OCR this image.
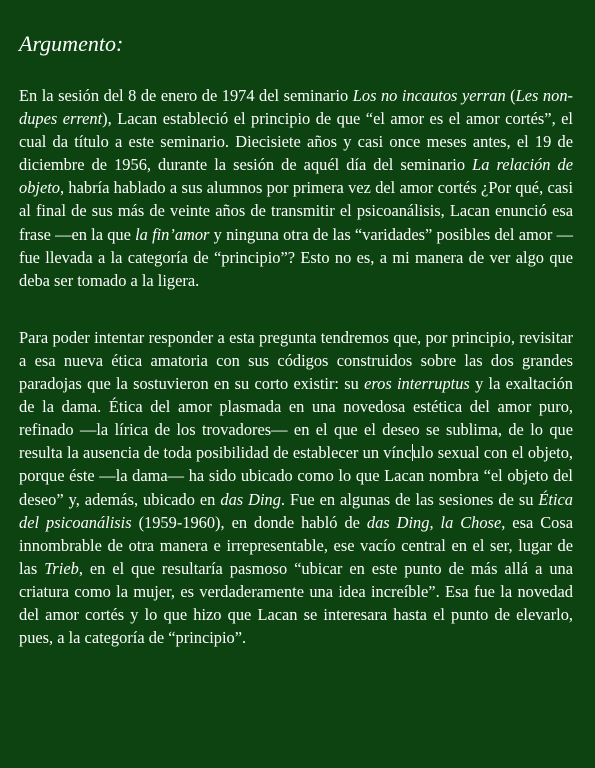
Argumento:

En la sesión del 8 de enero de 1974 del seminario Los no incautos yerran (Les non-dupes errent), Lacan estableció el principio de que “el amor es el amor cortés”, el cual da título a este seminario. Diecisiete años y casi once meses antes, el 19 de diciembre de 1956, durante la sesión de aquél día del seminario La relación de objeto, habría hablado a sus alumnos por primera vez del amor cortés ¿Por qué, casi al final de sus más de veinte años de transmitir el psicoanálisis, Lacan enunció esa frase —en la que la fin’amor y ninguna otra de las “varidades” posibles del amor — fue llevada a la categoría de “principio”? Esto no es, a mi manera de ver algo que deba ser tomado a la ligera.

Para poder intentar responder a esta pregunta tendremos que, por principio, revisitar a esa nueva ética amatoria con sus códigos construidos sobre las dos grandes paradojas que la sostuvieron en su corto existir: su eros interruptus y la exaltación de la dama. Ética del amor plasmada en una novedosa estética del amor puro, refinado —la lírica de los trovadores— en el que el deseo se sublima, de lo que resulta la ausencia de toda posibilidad de establecer un vínculo sexual con el objeto, porque éste —la dama— ha sido ubicado como lo que Lacan nombra “el objeto del deseo” y, además, ubicado en das Ding. Fue en algunas de las sesiones de su Ética del psicoanálisis (1959-1960), en donde habló de das Ding, la Chose, esa Cosa innombrable de otra manera e irrepresentable, ese vacío central en el ser, lugar de las Trieb, en el que resultaría pasmoso “ubicar en este punto de más allá a una criatura como la mujer, es verdaderamente una idea increíble”. Esa fue la novedad del amor cortés y lo que hizo que Lacan se interesara hasta el punto de elevarlo, pues, a la categoría de “principio”.
